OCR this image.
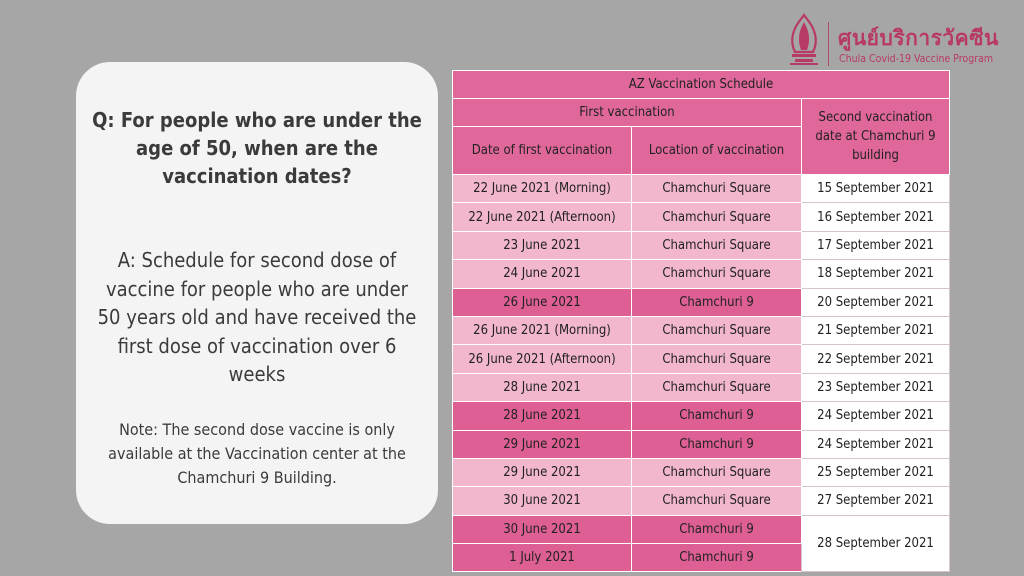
ศูนย์บริการวัคซีน
Chula Covid-19 Vaccine Program
Q: For people who are under the age of 50, when are the vaccination dates?
A: Schedule for second dose of vaccine for people who are under 50 years old and have received the first dose of vaccination over 6 weeks
Note: The second dose vaccine is only available at the Vaccination center at the Chamchuri 9 Building.
AZ Vaccination Schedule		
First vaccination		Second vaccination date at Chamchuri 9 building
Date of first vaccination	Location of vaccination	
22 June 2021 (Morning)	Chamchuri Square	15 September 2021
22 June 2021 (Afternoon)	Chamchuri Square	16 September 2021
23 June 2021	Chamchuri Square	17 September 2021
24 June 2021	Chamchuri Square	18 September 2021
26 June 2021	Chamchuri 9	20 September 2021
26 June 2021 (Morning)	Chamchuri Square	21 September 2021
26 June 2021 (Afternoon)	Chamchuri Square	22 September 2021
28 June 2021	Chamchuri Square	23 September 2021
28 June 2021	Chamchuri 9	24 September 2021
29 June 2021	Chamchuri 9	24 September 2021
29 June 2021	Chamchuri Square	25 September 2021
30 June 2021	Chamchuri Square	27 September 2021
30 June 2021	Chamchuri 9	28 September 2021
1 July 2021	Chamchuri 9	
